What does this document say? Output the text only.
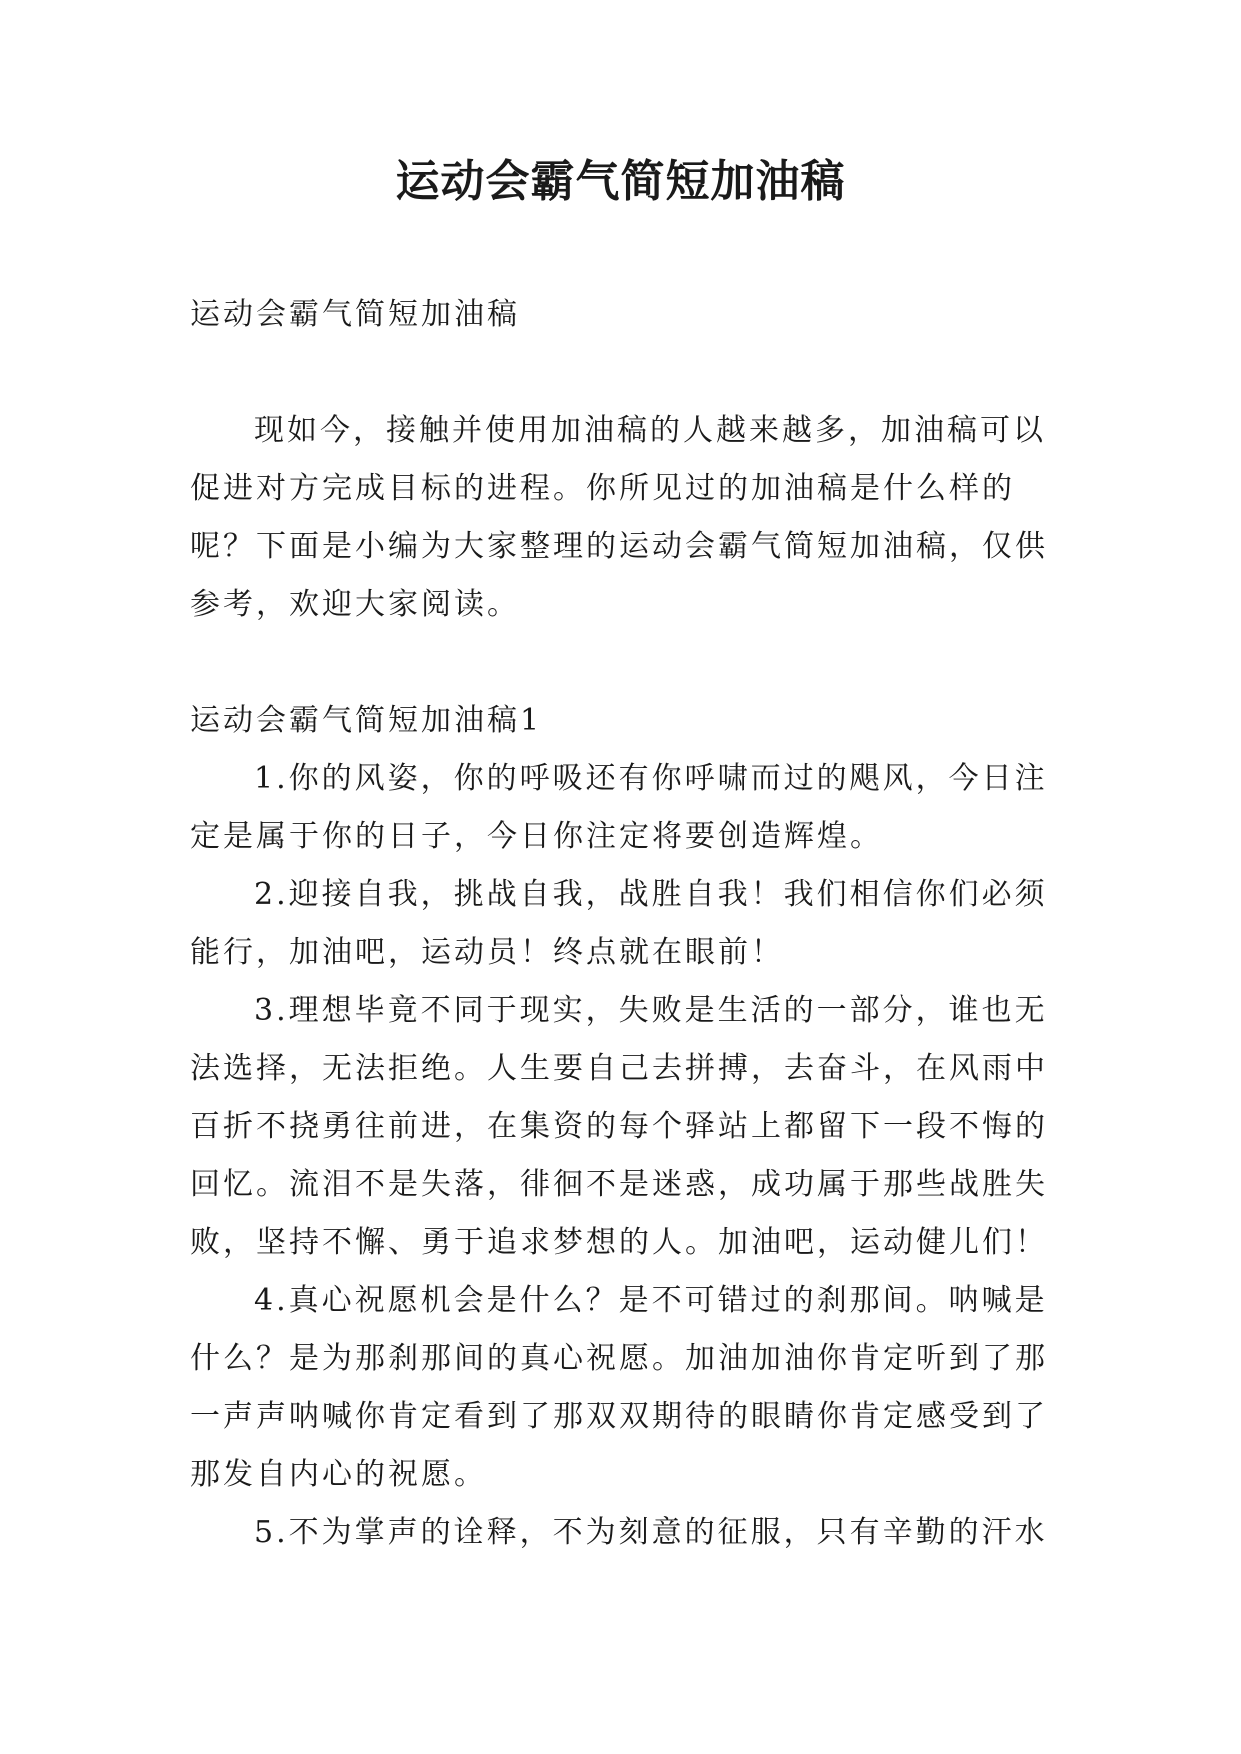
运动会霸气简短加油稿

运动会霸气简短加油稿

现如今，接触并使用加油稿的人越来越多，加油稿可以促进对方完成目标的进程。你所见过的加油稿是什么样的呢？下面是小编为大家整理的运动会霸气简短加油稿，仅供参考，欢迎大家阅读。

运动会霸气简短加油稿1

1.你的风姿，你的呼吸还有你呼啸而过的飓风，今日注定是属于你的日子，今日你注定将要创造辉煌。

2.迎接自我，挑战自我，战胜自我！我们相信你们必须能行，加油吧，运动员！终点就在眼前！

3.理想毕竟不同于现实，失败是生活的一部分，谁也无法选择，无法拒绝。人生要自己去拼搏，去奋斗，在风雨中百折不挠勇往前进，在集资的每个驿站上都留下一段不悔的回忆。流泪不是失落，徘徊不是迷惑，成功属于那些战胜失败，坚持不懈、勇于追求梦想的人。加油吧，运动健儿们！

4.真心祝愿机会是什么？是不可错过的刹那间。呐喊是什么？是为那刹那间的真心祝愿。加油加油你肯定听到了那一声声呐喊你肯定看到了那双双期待的眼睛你肯定感受到了那发自内心的祝愿。

5.不为掌声的诠释，不为刻意的征服，只有辛勤的汗水
